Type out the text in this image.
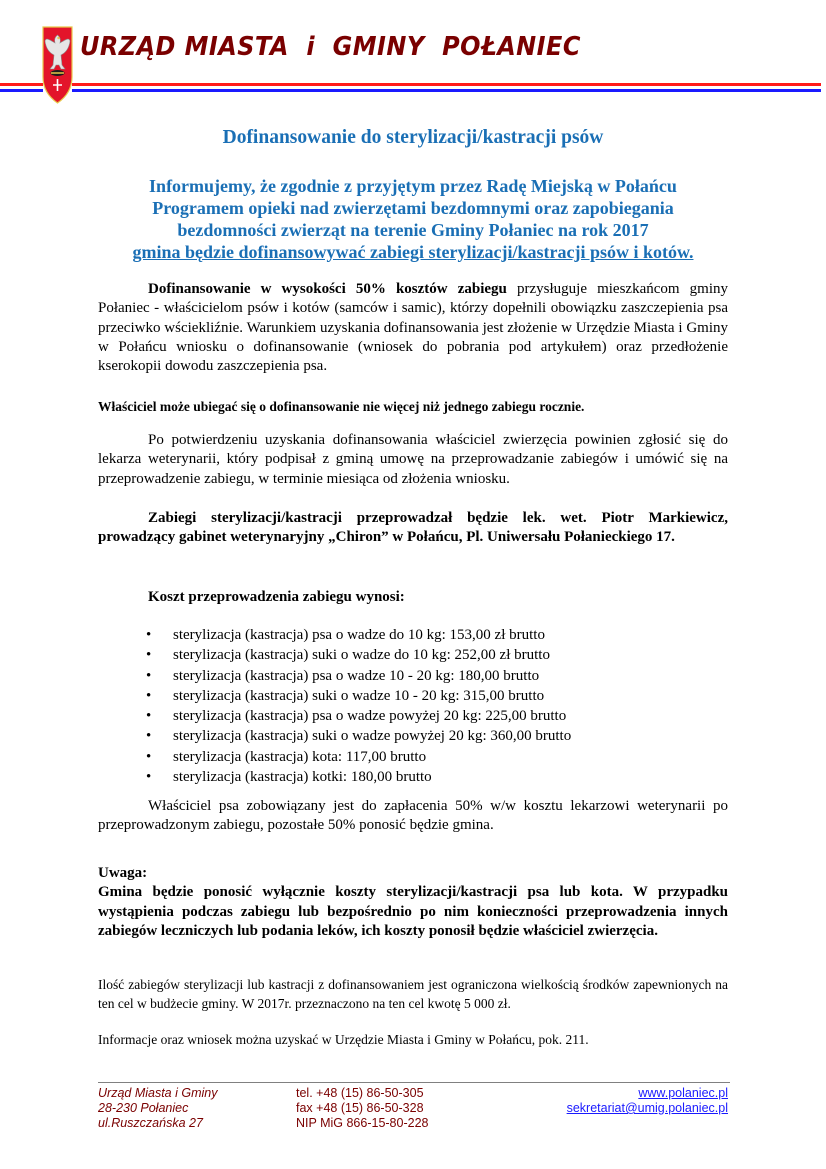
URZĄD MIASTA  i  GMINY  POŁANIEC
Dofinansowanie do sterylizacji/kastracji psów
Informujemy, że zgodnie z przyjętym przez Radę Miejską w Połańcu
Programem opieki nad zwierzętami bezdomnymi oraz zapobiegania
bezdomności zwierząt na terenie Gminy Połaniec na rok 2017
gmina będzie dofinansowywać zabiegi sterylizacji/kastracji psów i kotów.
Dofinansowanie w wysokości 50% kosztów zabiegu przysługuje mieszkańcom gminy Połaniec - właścicielom psów i kotów (samców i samic), którzy dopełnili obowiązku zaszczepienia psa przeciwko wściekliźnie. Warunkiem uzyskania dofinansowania jest złożenie w Urzędzie Miasta i Gminy w Połańcu wniosku o dofinansowanie (wniosek do pobrania pod artykułem) oraz przedłożenie kserokopii dowodu zaszczepienia psa.
Właściciel może ubiegać się o dofinansowanie nie więcej niż jednego zabiegu rocznie.
Po potwierdzeniu uzyskania dofinansowania właściciel zwierzęcia powinien zgłosić się do lekarza weterynarii, który podpisał z gminą umowę na przeprowadzanie zabiegów i umówić się na przeprowadzenie zabiegu, w terminie miesiąca od złożenia wniosku.
Zabiegi sterylizacji/kastracji przeprowadzał będzie lek. wet. Piotr Markiewicz, prowadzący gabinet weterynaryjny „Chiron” w Połańcu, Pl. Uniwersału Połanieckiego 17.
Koszt przeprowadzenia zabiegu wynosi:
• sterylizacja (kastracja) psa o wadze do 10 kg: 153,00 zł brutto
• sterylizacja (kastracja) suki o wadze do 10 kg: 252,00 zł brutto
• sterylizacja (kastracja) psa o wadze 10 - 20 kg: 180,00 brutto
• sterylizacja (kastracja) suki o wadze 10 - 20 kg: 315,00 brutto
• sterylizacja (kastracja) psa o wadze powyżej 20 kg: 225,00 brutto
• sterylizacja (kastracja) suki o wadze powyżej 20 kg: 360,00 brutto
• sterylizacja (kastracja) kota: 117,00 brutto
• sterylizacja (kastracja) kotki: 180,00 brutto
Właściciel psa zobowiązany jest do zapłacenia 50% w/w kosztu lekarzowi weterynarii po przeprowadzonym zabiegu, pozostałe 50% ponosić będzie gmina.
Uwaga:
Gmina będzie ponosić wyłącznie koszty sterylizacji/kastracji psa lub kota. W przypadku wystąpienia podczas zabiegu lub bezpośrednio po nim konieczności przeprowadzenia innych zabiegów leczniczych lub podania leków, ich koszty ponosił będzie właściciel zwierzęcia.
Ilość zabiegów sterylizacji lub kastracji z dofinansowaniem jest ograniczona wielkością środków zapewnionych na ten cel w budżecie gminy. W 2017r. przeznaczono na ten cel kwotę 5 000 zł.
Informacje oraz wniosek można uzyskać w Urzędzie Miasta i Gminy w Połańcu, pok. 211.
Urząd Miasta i Gminy
28-230 Połaniec
ul.Ruszczańska 27
tel. +48 (15) 86-50-305
fax +48 (15) 86-50-328
NIP MiG 866-15-80-228
www.polaniec.pl
sekretariat@umig.polaniec.pl
